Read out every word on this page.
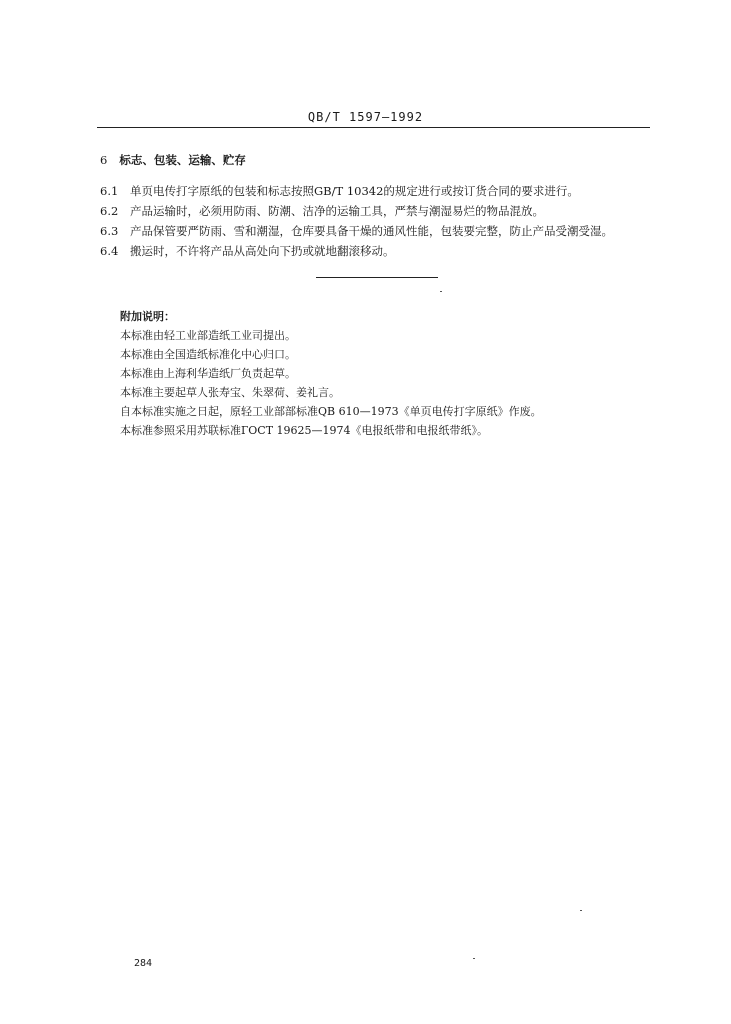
QB/T 1597—1992
6 标志、包装、运输、贮存
6.1 单页电传打字原纸的包装和标志按照GB/T 10342的规定进行或按订货合同的要求进行。
6.2 产品运输时，必须用防雨、防潮、洁净的运输工具，严禁与潮湿易烂的物品混放。
6.3 产品保管要严防雨、雪和潮湿，仓库要具备干燥的通风性能，包装要完整，防止产品受潮受湿。
6.4 搬运时，不许将产品从高处向下扔或就地翻滚移动。
附加说明：
本标准由轻工业部造纸工业司提出。
本标准由全国造纸标准化中心归口。
本标准由上海利华造纸厂负责起草。
本标准主要起草人张寿宝、朱翠荷、姜礼言。
自本标准实施之日起，原轻工业部部标准QB 610—1973《单页电传打字原纸》作废。
本标准参照采用苏联标准ГОСТ 19625—1974《电报纸带和电报纸带纸》。
284
